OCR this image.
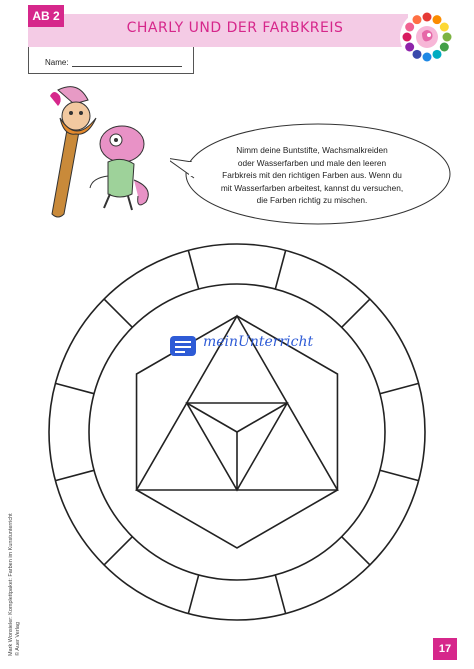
AB 2
CHARLY UND DER FARBKREIS
Name:
Nimm deine Buntstifte, Wachsmalkreiden
oder Wasserfarben und male den leeren
Farbkreis mit den richtigen Farben aus. Wenn du
mit Wasserfarben arbeitest, kannst du versuchen,
die Farben richtig zu mischen.
meinUnterricht
Mark Wonsieler: Komplettpaket: Farben im Kunstunterricht © Auer Verlag	17
